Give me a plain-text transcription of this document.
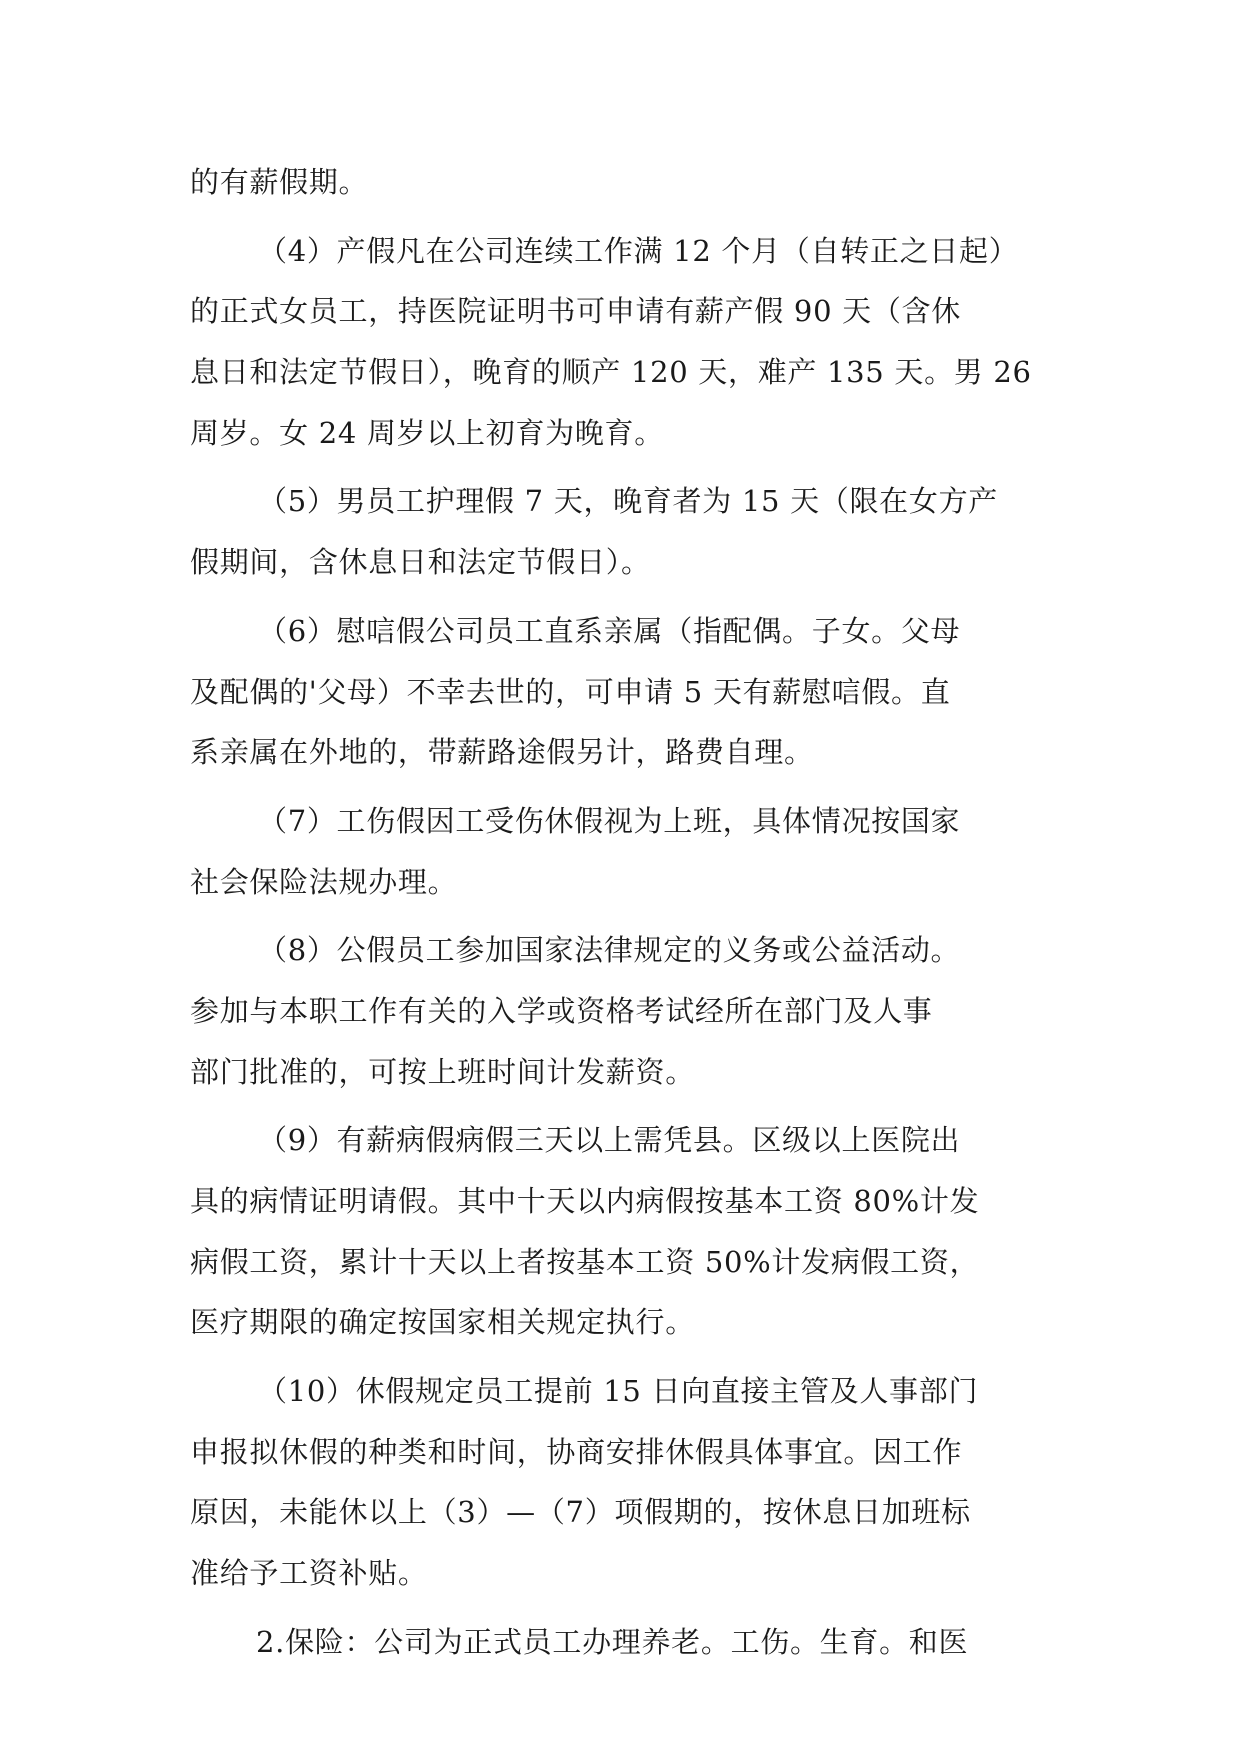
的有薪假期。
（4）产假凡在公司连续工作满 12 个月（自转正之日起）
的正式女员工，持医院证明书可申请有薪产假 90 天（含休
息日和法定节假日），晚育的顺产 120 天，难产 135 天。男 26
周岁。女 24 周岁以上初育为晚育。
（5）男员工护理假 7 天，晚育者为 15 天（限在女方产
假期间，含休息日和法定节假日）。
（6）慰唁假公司员工直系亲属（指配偶。子女。父母
及配偶的'父母）不幸去世的，可申请 5 天有薪慰唁假。直
系亲属在外地的，带薪路途假另计，路费自理。
（7）工伤假因工受伤休假视为上班，具体情况按国家
社会保险法规办理。
（8）公假员工参加国家法律规定的义务或公益活动。
参加与本职工作有关的入学或资格考试经所在部门及人事
部门批准的，可按上班时间计发薪资。
（9）有薪病假病假三天以上需凭县。区级以上医院出
具的病情证明请假。其中十天以内病假按基本工资 80%计发
病假工资，累计十天以上者按基本工资 50%计发病假工资，
医疗期限的确定按国家相关规定执行。
（10）休假规定员工提前 15 日向直接主管及人事部门
申报拟休假的种类和时间，协商安排休假具体事宜。因工作
原因，未能休以上（3）—（7）项假期的，按休息日加班标
准给予工资补贴。
2.保险：公司为正式员工办理养老。工伤。生育。和医
